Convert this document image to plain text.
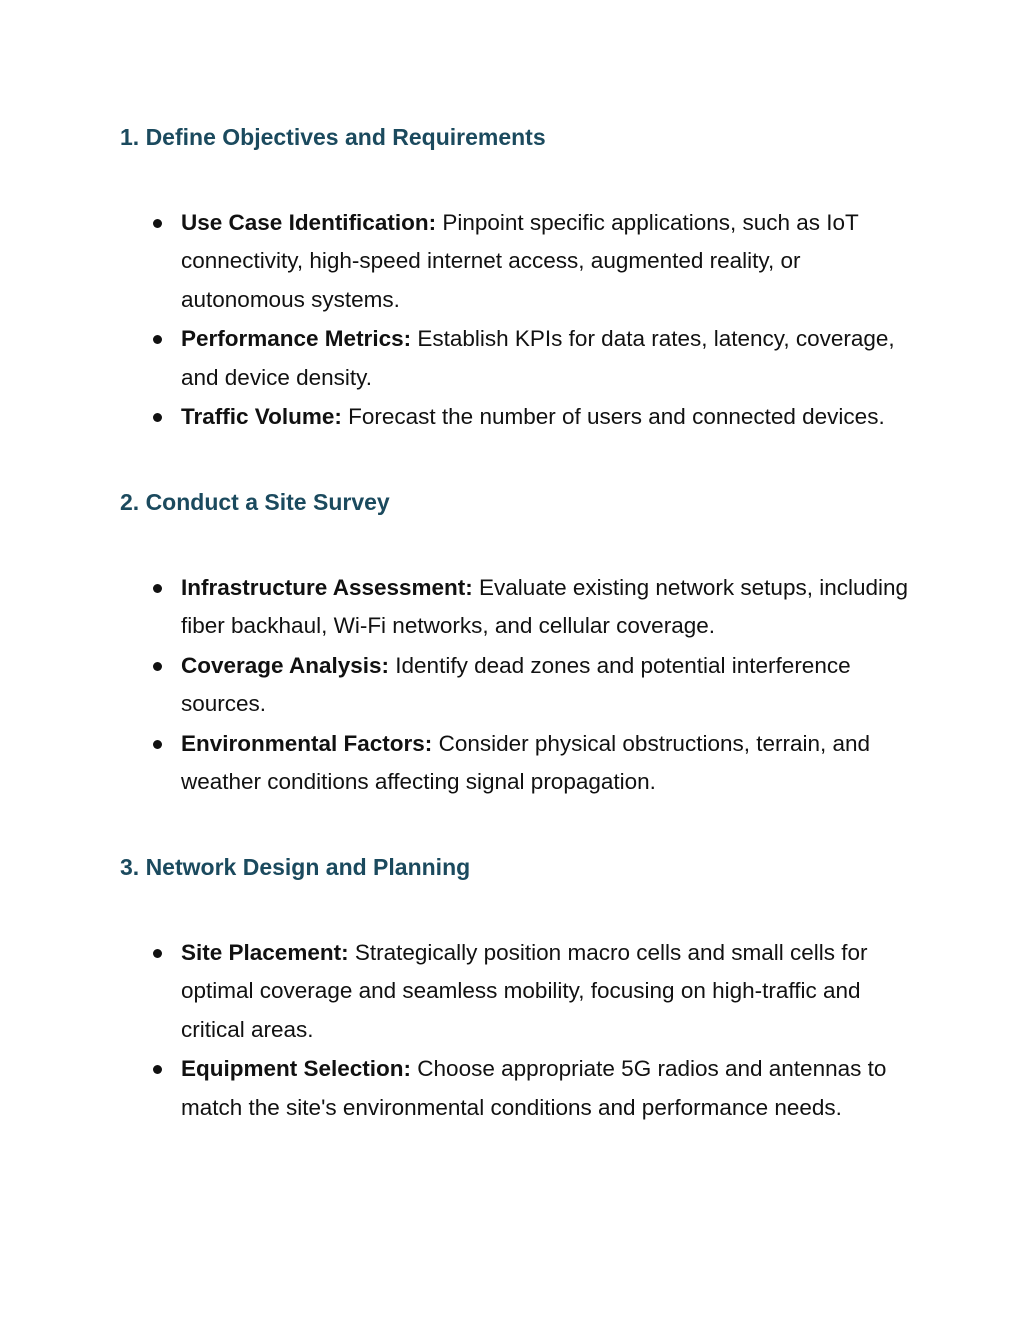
1. Define Objectives and Requirements
Use Case Identification: Pinpoint specific applications, such as IoT connectivity, high-speed internet access, augmented reality, or autonomous systems.
Performance Metrics: Establish KPIs for data rates, latency, coverage, and device density.
Traffic Volume: Forecast the number of users and connected devices.
2. Conduct a Site Survey
Infrastructure Assessment: Evaluate existing network setups, including fiber backhaul, Wi-Fi networks, and cellular coverage.
Coverage Analysis: Identify dead zones and potential interference sources.
Environmental Factors: Consider physical obstructions, terrain, and weather conditions affecting signal propagation.
3. Network Design and Planning
Site Placement: Strategically position macro cells and small cells for optimal coverage and seamless mobility, focusing on high-traffic and critical areas.
Equipment Selection: Choose appropriate 5G radios and antennas to match the site's environmental conditions and performance needs.
